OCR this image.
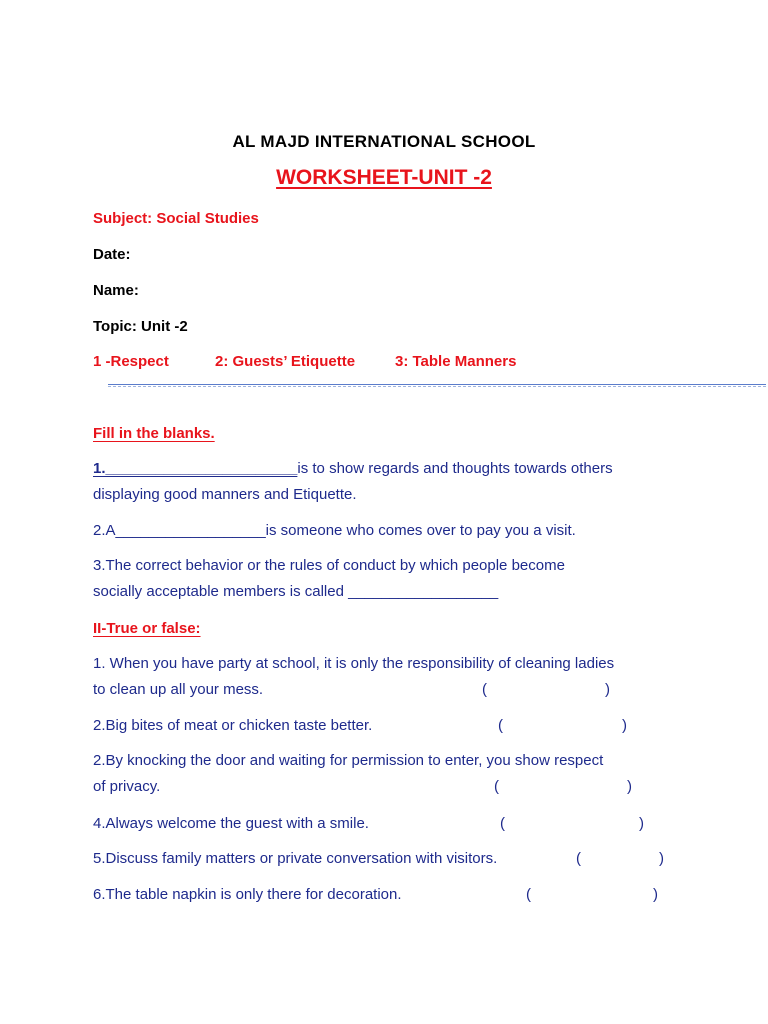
AL MAJD INTERNATIONAL SCHOOL
WORKSHEET-UNIT -2
Subject: Social Studies
Date:
Name:
Topic: Unit -2
1 -Respect	2: Guests’ Etiquette	3: Table Manners
Fill in the blanks.
1._______________________is to show regards and thoughts towards others
displaying good manners and Etiquette.
2.A__________________is someone who comes over to pay you a visit.
3.The correct behavior or the rules of conduct by which people become
socially acceptable members is called __________________
II-True or false:
1. When you have party at school, it is only the responsibility of cleaning ladies
to clean up all your mess.	(	)
2.Big bites of meat or chicken taste better.	(	)
2.By knocking the door and waiting for permission to enter, you show respect
of privacy.	(	)
4.Always welcome the guest with a smile.	(	)
5.Discuss family matters or private conversation with visitors.	(	)
6.The table napkin is only there for decoration.	(	)
